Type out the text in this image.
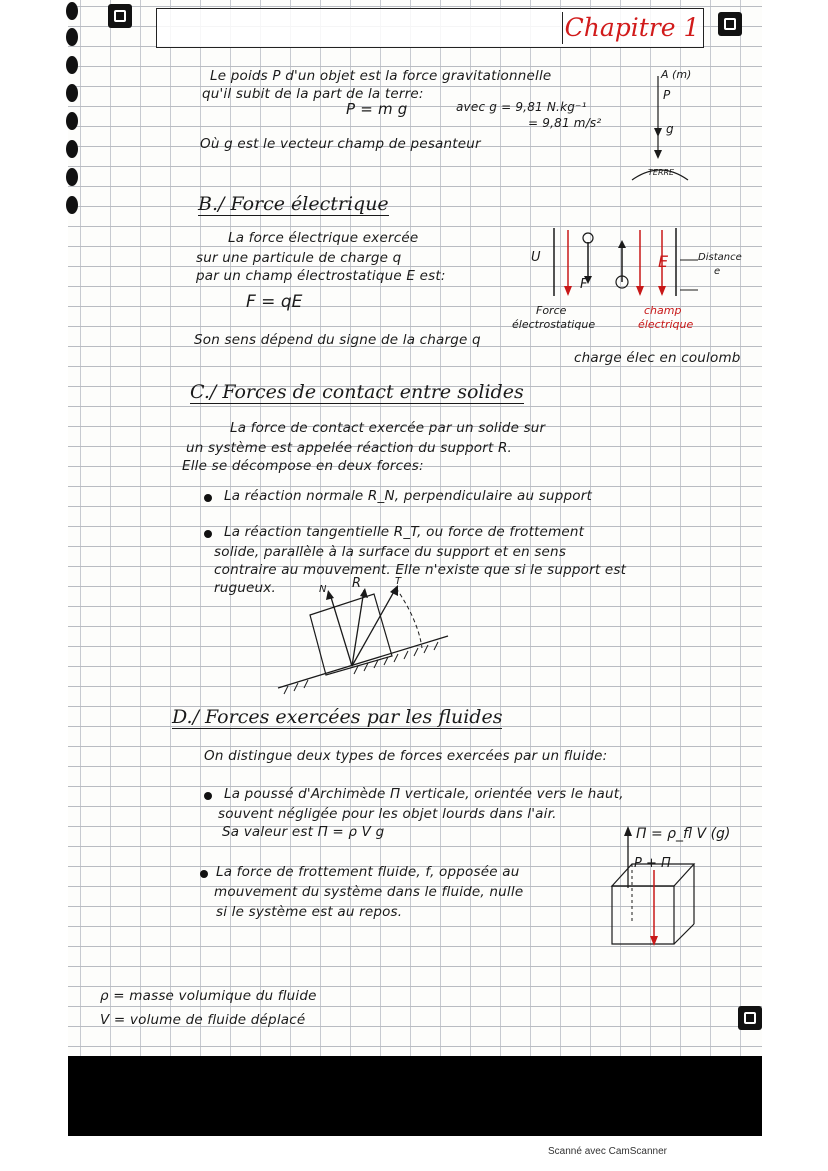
Chapitre 1
Le poids P d'un objet est la force gravitationnelle
qu'il subit de la part de la terre:
P = m g	avec g = 9,81 N.kg⁻¹
= 9,81 m/s²
Où g est le vecteur champ de pesanteur
A (m)
P
g
TERRE
B./ Force électrique
La force électrique exercée
sur une particule de charge q
par un champ électrostatique E est:
F = qE
Son sens dépend du signe de la charge q
charge élec en coulomb
U
F
E	Distance
e
Force
électrostatique
champ
électrique
C./ Forces de contact entre solides
La force de contact exercée par un solide sur
un système est appelée réaction du support R.
Elle se décompose en deux forces:
La réaction normale R_N, perpendiculaire au support
La réaction tangentielle R_T, ou force de frottement
solide, parallèle à la surface du support et en sens
contraire au mouvement. Elle n'existe que si le support est
rugueux.	N R	T
D./ Forces exercées par les fluides
On distingue deux types de forces exercées par un fluide:
La poussé d'Archimède Π verticale, orientée vers le haut,
souvent négligée pour les objet lourds dans l'air.
Sa valeur est Π = ρ V g
La force de frottement fluide, f, opposée au
mouvement du système dans le fluide, nulle
si le système est au repos.
Π = ρ_fl V (g)
P + Π
ρ = masse volumique du fluide
V = volume de fluide déplacé
Scanné avec CamScanner
